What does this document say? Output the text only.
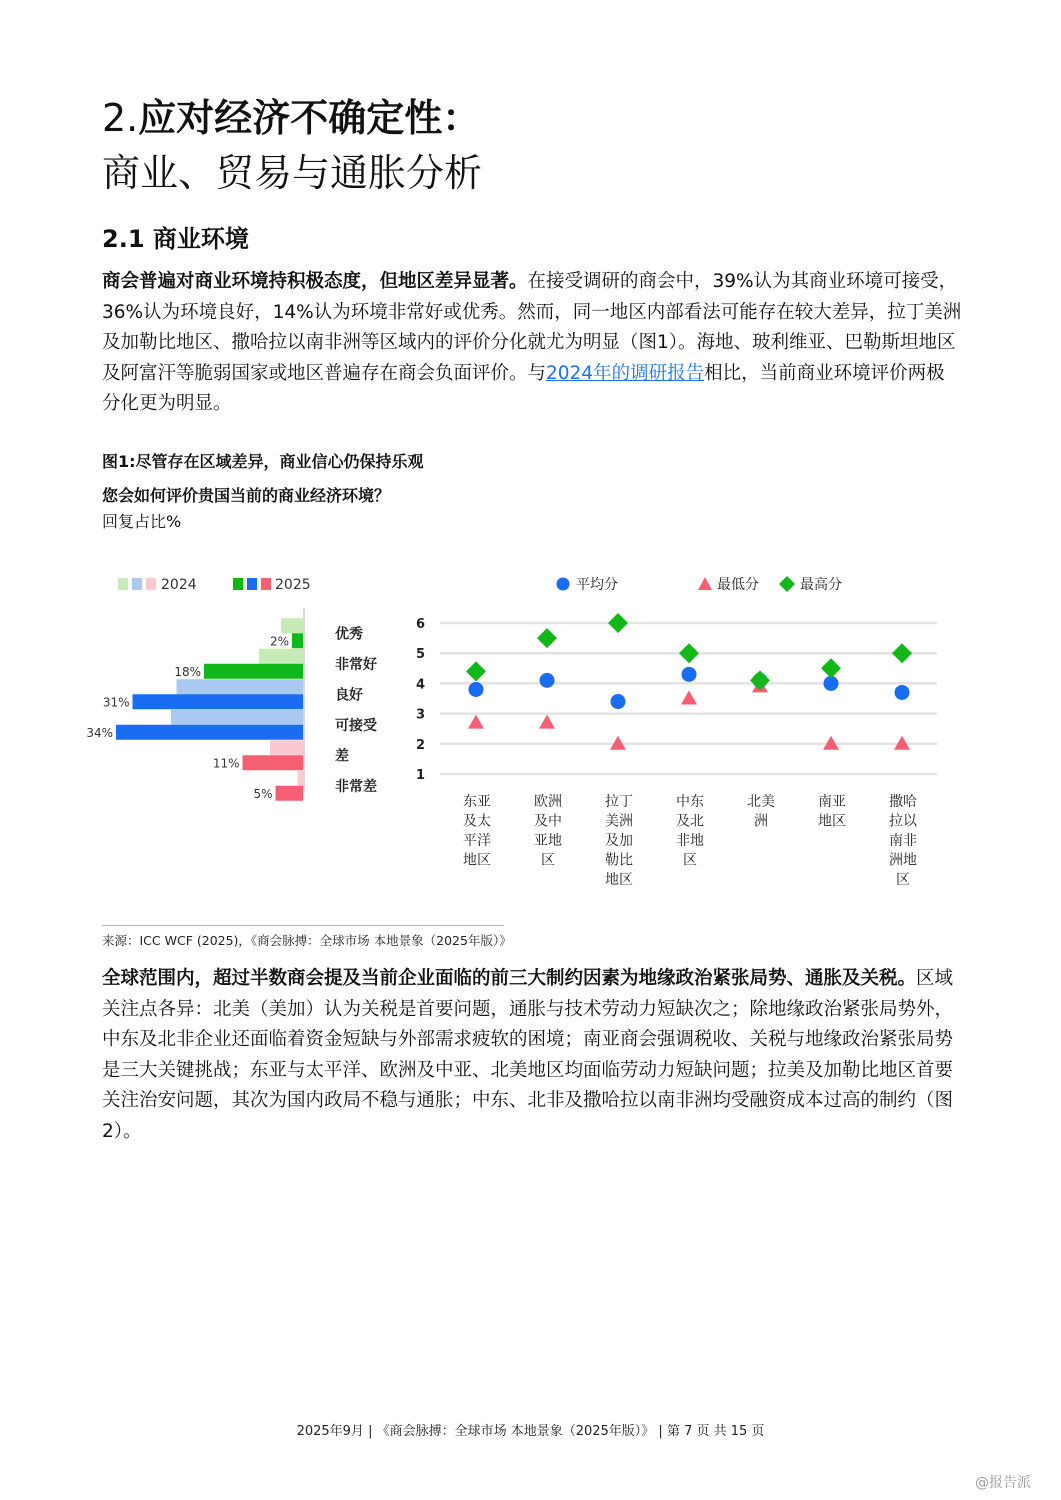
2.应对经济不确定性：
商业、贸易与通胀分析
2.1 商业环境
商会普遍对商业环境持积极态度，但地区差异显著。在接受调研的商会中，39%认为其商业环境可接受，36%认为环境良好，14%认为环境非常好或优秀。然而，同一地区内部看法可能存在较大差异，拉丁美洲及加勒比地区、撒哈拉以南非洲等区域内的评价分化就尤为明显（图1）。海地、玻利维亚、巴勒斯坦地区及阿富汗等脆弱国家或地区普遍存在商会负面评价。与2024年的调研报告相比，当前商业环境评价两极分化更为明显。
图1:尽管存在区域差异，商业信心仍保持乐观
您会如何评价贵国当前的商业经济环境？
回复占比%
2024	2025	平均分	最低分	最高分
2%
18%
31%
34%
11%
5%
优秀
非常好
良好
可接受
差
非常差
1
2
3
4
5
6
东亚
及太
平洋
地区
欧洲
及中
亚地
区
拉丁
美洲
及加
勒比
地区
中东
及北
非地
区
北美
洲
南亚
地区
撒哈
拉以
南非
洲地
区
来源：ICC WCF (2025)，《商会脉搏：全球市场 本地景象（2025年版）》
全球范围内，超过半数商会提及当前企业面临的前三大制约因素为地缘政治紧张局势、通胀及关税。区域关注点各异：北美（美加）认为关税是首要问题，通胀与技术劳动力短缺次之；除地缘政治紧张局势外，中东及北非企业还面临着资金短缺与外部需求疲软的困境；南亚商会强调税收、关税与地缘政治紧张局势是三大关键挑战；东亚与太平洋、欧洲及中亚、北美地区均面临劳动力短缺问题；拉美及加勒比地区首要关注治安问题，其次为国内政局不稳与通胀；中东、北非及撒哈拉以南非洲均受融资成本过高的制约（图2）。
2025年9月 | 《商会脉搏：全球市场 本地景象（2025年版）》 | 第 7 页 共 15 页
@报告派
